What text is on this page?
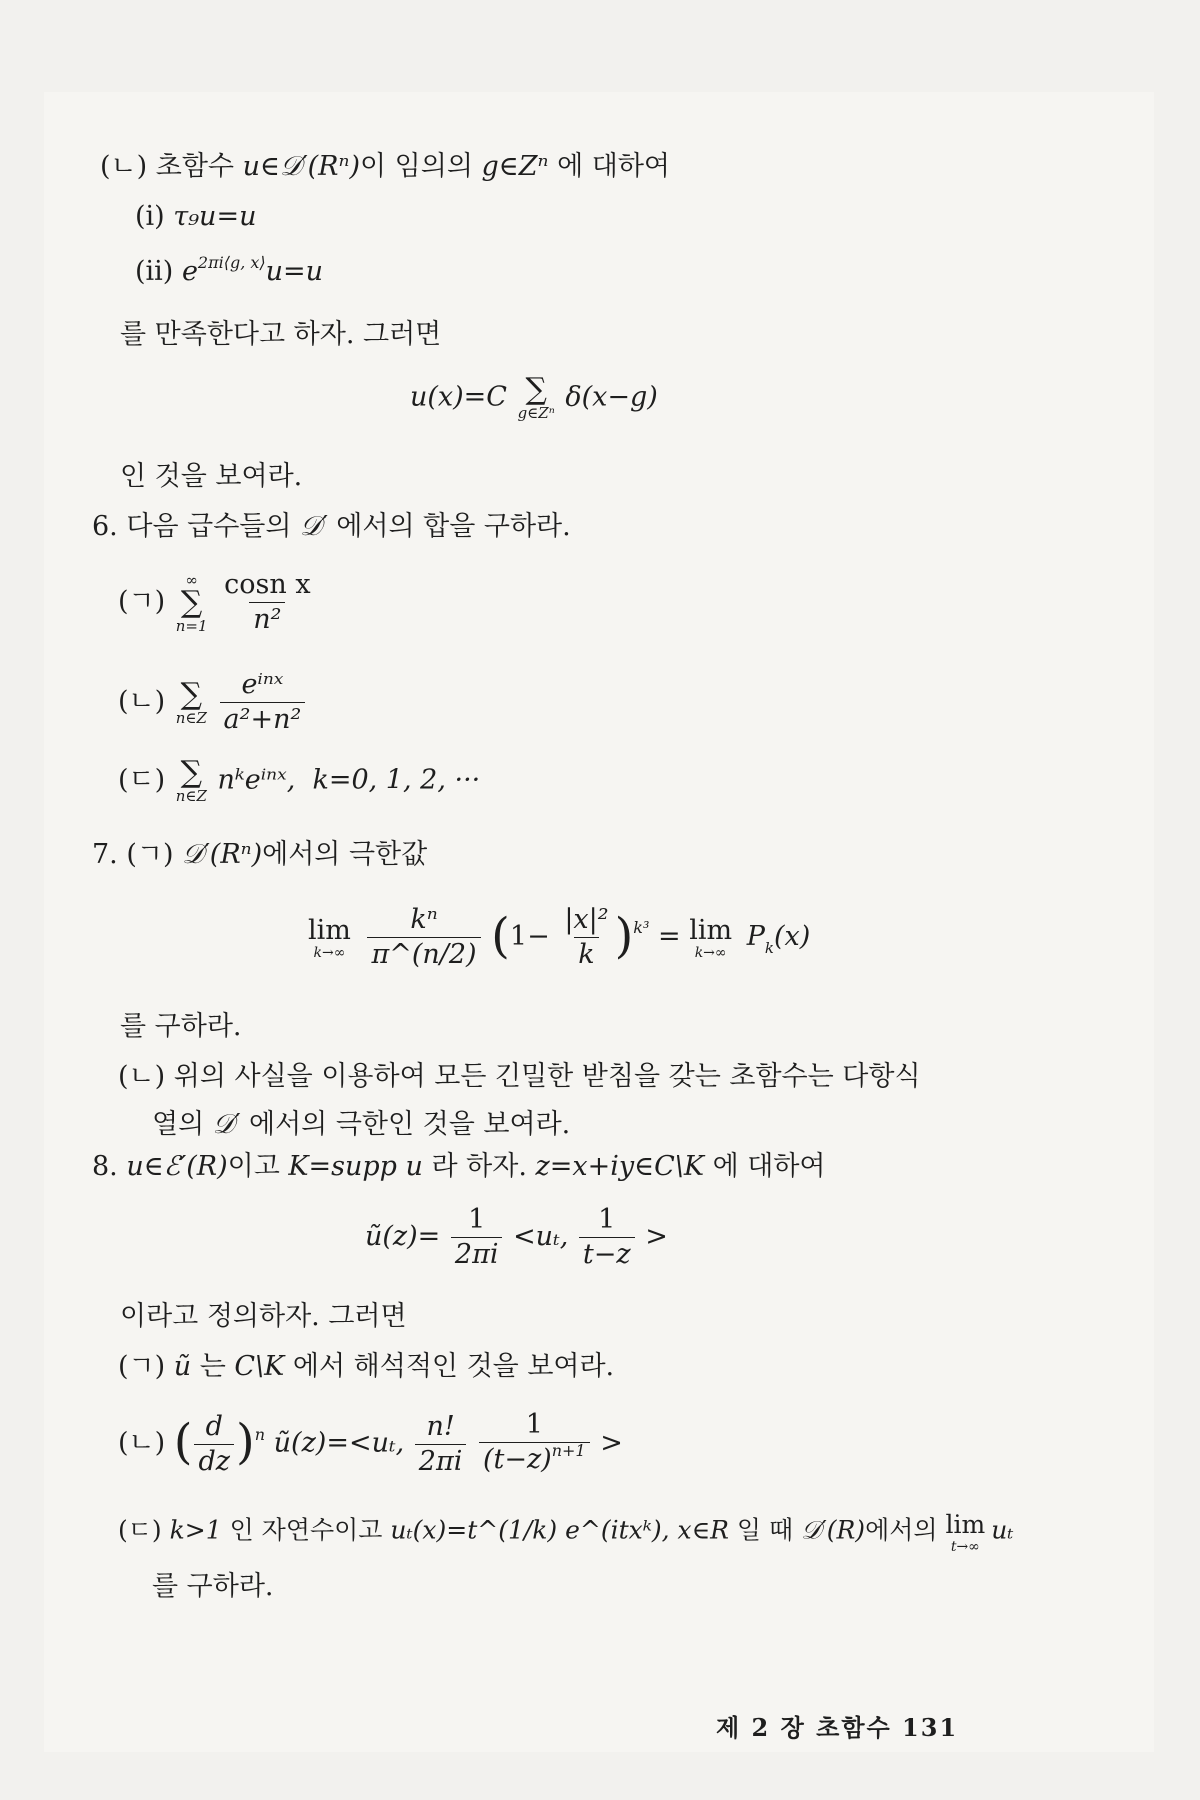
(ㄴ) 초함수 u∈𝒟′(Rⁿ)이 임의의 g∈Zⁿ 에 대하여
(i) τ₉u=u
(ii) $e^{2\pi i⟨g, x⟩}u=u$
를 만족한다고 하자. 그러면
u(x)=C ∑
g∈Zⁿ
δ(x−g)
인 것을 보여라.
6. 다음 급수들의 𝒟′ 에서의 합을 구하라.
(ㄱ)
∞
∑
n=1
$\frac{\text{cosn x}}{\text{n²}}$
(ㄴ) ∑
n∈Z
$\frac{\text{eⁱⁿˣ}}{\text{a²+n²}}$
(ㄷ) ∑
n∈Z
nᵏeⁱⁿˣ, k=0, 1, 2, ···
7. (ㄱ) 𝒟′(Rⁿ)에서의 극한값
lim
k→∞
$\frac{\text{kⁿ}}{\pi\^{}(n/2)} (1- \frac{\text{|x|²}}{k} )^{k^3} = \lim$
k→∞
$P_k(x)$
를 구하라.
(ㄴ) 위의 사실을 이용하여 모든 긴밀한 받침을 갖는 초함수는 다항식
열의 𝒟′ 에서의 극한인 것을 보여라.
8. u∈ℰ′(R)이고 K=supp u 라 하자. z=x+iy∈C\K 에 대하여
ũ(z)= $\frac{1}{2\pi i} <u_t$, $\frac{1}{t-z}$ >
이라고 정의하자. 그러면
(ㄱ) ũ 는 C\K 에서 해석적인 것을 보여라.
(ㄴ) ( $\frac{d}{dz} )^n$ ũ(z)=<uₜ, $\frac{n!}{2\pi i}$
$\frac{1}{(t-z)^{n+1}}$ >
(ㄷ) k>1 인 자연수이고 uₜ(x)=t^(1/k) e^(itxᵏ), x∈R 일 때 𝒟′(R)에서의 lim
t→∞
uₜ
를 구하라.
제 2 장 초함수 131
